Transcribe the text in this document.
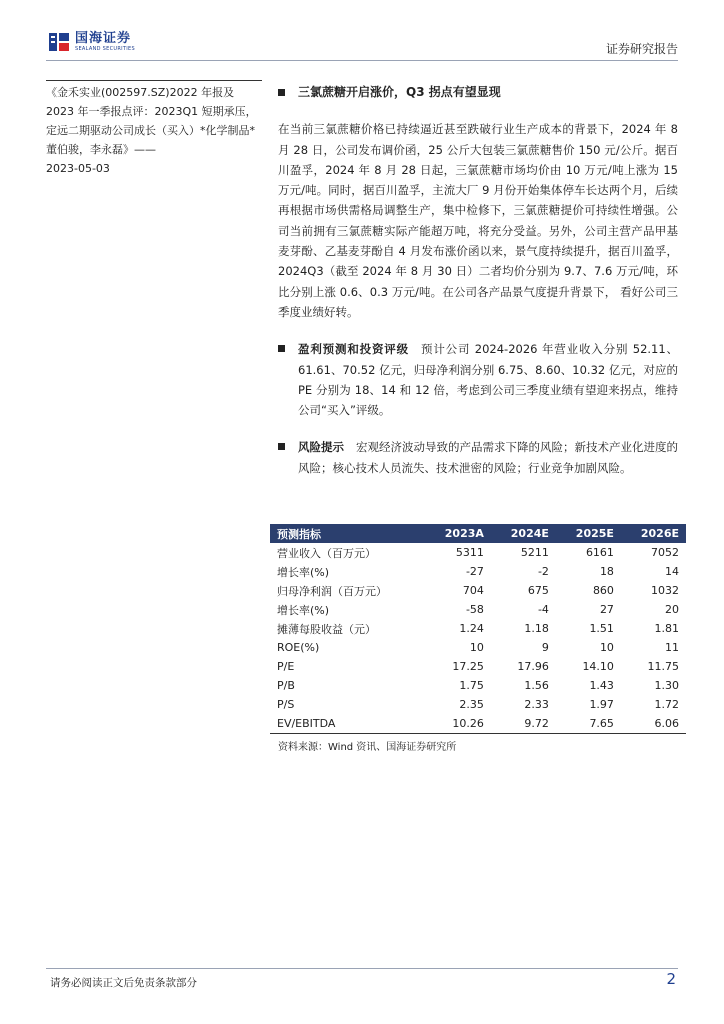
国海证券
SEALAND SECURITIES	证券研究报告
《金禾实业(002597.SZ)2022 年报及 2023 年一季报点评：2023Q1 短期承压，定远二期驱动公司成长（买入）*化学制品*董伯骏，李永磊》——
2023-05-03
三氯蔗糖开启涨价，Q3 拐点有望显现

在当前三氯蔗糖价格已持续逼近甚至跌破行业生产成本的背景下，2024 年 8 月 28 日，公司发布调价函，25 公斤大包装三氯蔗糖售价 150 元/公斤。据百川盈孚，2024 年 8 月 28 日起，三氯蔗糖市场均价由 10 万元/吨上涨为 15 万元/吨。同时，据百川盈孚，主流大厂 9 月份开始集体停车长达两个月，后续再根据市场供需格局调整生产，集中检修下，三氯蔗糖提价可持续性增强。公司当前拥有三氯蔗糖实际产能超万吨，将充分受益。另外，公司主营产品甲基麦芽酚、乙基麦芽酚自 4 月发布涨价函以来，景气度持续提升，据百川盈孚，2024Q3（截至 2024 年 8 月 30 日）二者均价分别为 9.7、7.6 万元/吨，环比分别上涨 0.6、0.3 万元/吨。在公司各产品景气度提升背景下， 看好公司三季度业绩好转。

盈利预测和投资评级 预计公司 2024-2026 年营业收入分别 52.11、61.61、70.52 亿元，归母净利润分别 6.75、8.60、10.32 亿元，对应的 PE 分别为 18、14 和 12 倍，考虑到公司三季度业绩有望迎来拐点，维持公司“买入”评级。
风险提示 宏观经济波动导致的产品需求下降的风险；新技术产业化进度的风险；核心技术人员流失、技术泄密的风险；行业竞争加剧风险。
预测指标	2023A	2024E	2025E	2026E
营业收入（百万元）	5311	5211	6161	7052
增长率(%)	-27	-2	18	14
归母净利润（百万元）	704	675	860	1032
增长率(%)	-58	-4	27	20
摊薄每股收益（元）	1.24	1.18	1.51	1.81
ROE(%)	10	9	10	11
P/E	17.25	17.96	14.10	11.75
P/B	1.75	1.56	1.43	1.30
P/S	2.35	2.33	1.97	1.72
EV/EBITDA	10.26	9.72	7.65	6.06
资料来源：Wind 资讯、国海证券研究所
请务必阅读正文后免责条款部分	2
